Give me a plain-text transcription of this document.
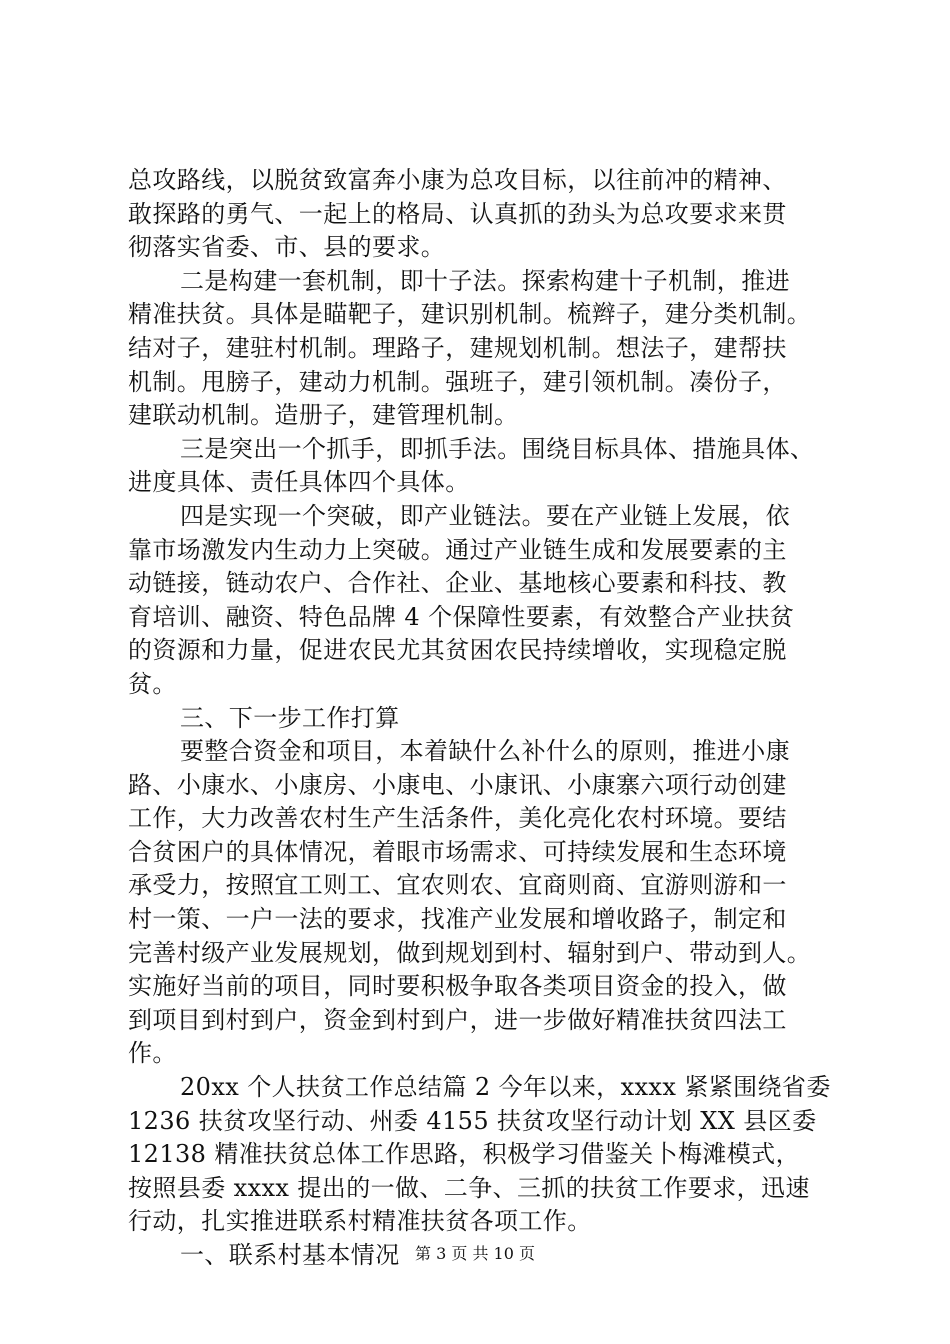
总攻路线，以脱贫致富奔小康为总攻目标，以往前冲的精神、
敢探路的勇气、一起上的格局、认真抓的劲头为总攻要求来贯
彻落实省委、市、县的要求。
二是构建一套机制，即十子法。探索构建十子机制，推进
精准扶贫。具体是瞄靶子，建识别机制。梳辫子，建分类机制。
结对子，建驻村机制。理路子，建规划机制。想法子，建帮扶
机制。甩膀子，建动力机制。强班子，建引领机制。凑份子，
建联动机制。造册子，建管理机制。
三是突出一个抓手，即抓手法。围绕目标具体、措施具体、
进度具体、责任具体四个具体。
四是实现一个突破，即产业链法。要在产业链上发展，依
靠市场激发内生动力上突破。通过产业链生成和发展要素的主
动链接，链动农户、合作社、企业、基地核心要素和科技、教
育培训、融资、特色品牌 4 个保障性要素，有效整合产业扶贫
的资源和力量，促进农民尤其贫困农民持续增收，实现稳定脱
贫。
三、下一步工作打算
要整合资金和项目，本着缺什么补什么的原则，推进小康
路、小康水、小康房、小康电、小康讯、小康寨六项行动创建
工作，大力改善农村生产生活条件，美化亮化农村环境。要结
合贫困户的具体情况，着眼市场需求、可持续发展和生态环境
承受力，按照宜工则工、宜农则农、宜商则商、宜游则游和一
村一策、一户一法的要求，找准产业发展和增收路子，制定和
完善村级产业发展规划，做到规划到村、辐射到户、带动到人。
实施好当前的项目，同时要积极争取各类项目资金的投入，做
到项目到村到户，资金到村到户，进一步做好精准扶贫四法工
作。
20xx 个人扶贫工作总结篇 2 今年以来，xxxx 紧紧围绕省委
1236 扶贫攻坚行动、州委 4155 扶贫攻坚行动计划 XX 县区委
12138 精准扶贫总体工作思路，积极学习借鉴关卜梅滩模式，
按照县委 xxxx 提出的一做、二争、三抓的扶贫工作要求，迅速
行动，扎实推进联系村精准扶贫各项工作。
一、联系村基本情况 第 3 页 共 10 页
